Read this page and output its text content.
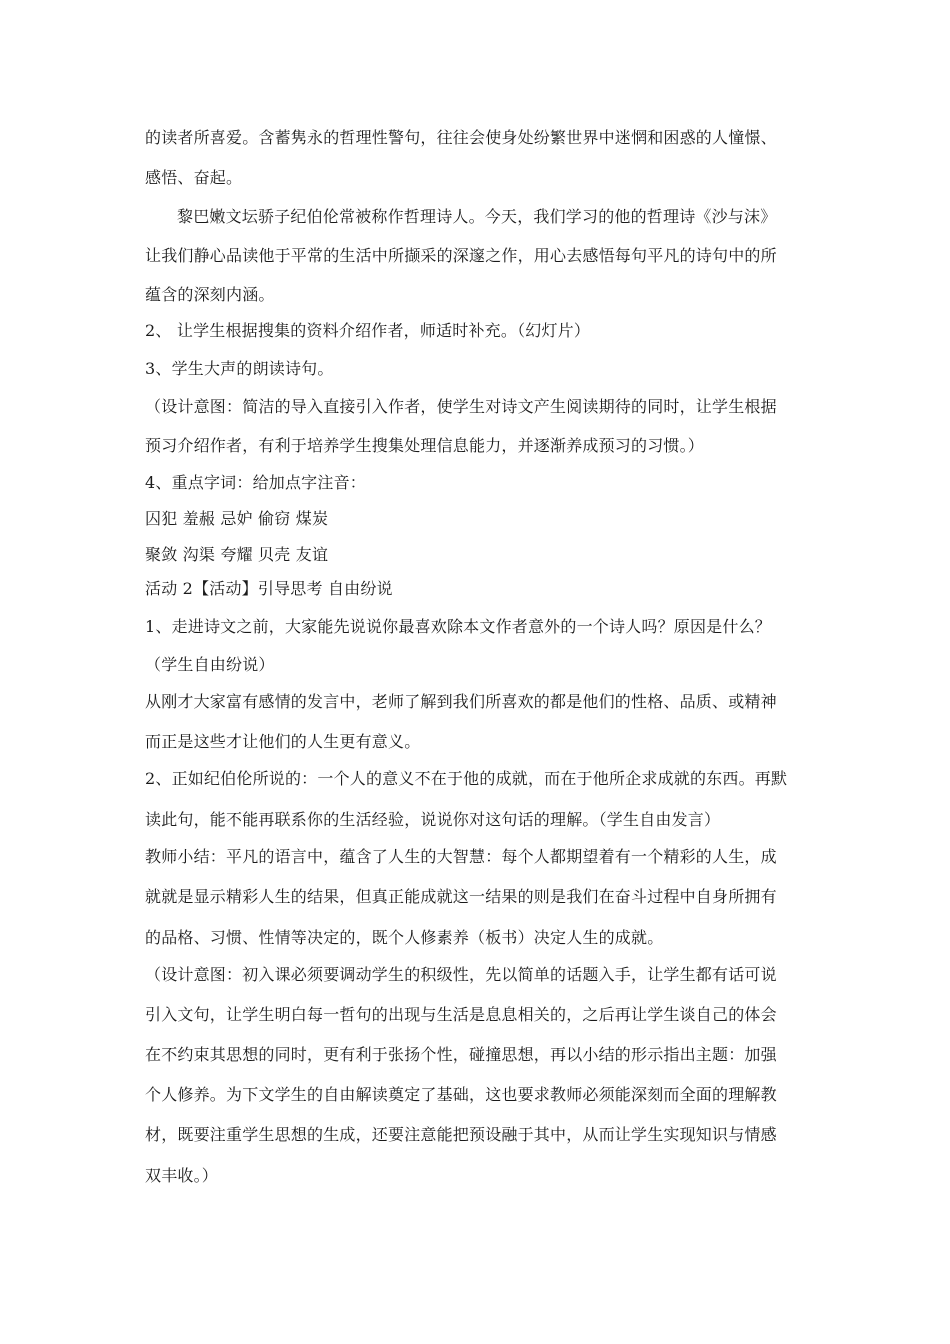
的读者所喜爱。含蓄隽永的哲理性警句，往往会使身处纷繁世界中迷惘和困惑的人憧憬、
感悟、奋起。
黎巴嫩文坛骄子纪伯伦常被称作哲理诗人。今天，我们学习的他的哲理诗《沙与沫》
让我们静心品读他于平常的生活中所撷采的深邃之作，用心去感悟每句平凡的诗句中的所
蕴含的深刻内涵。
2、 让学生根据搜集的资料介绍作者，师适时补充。（幻灯片）
3、学生大声的朗读诗句。
（设计意图：简洁的导入直接引入作者，使学生对诗文产生阅读期待的同时，让学生根据
预习介绍作者，有利于培养学生搜集处理信息能力，并逐渐养成预习的习惯。）
4、重点字词：给加点字注音：
囚犯 羞赧 忌妒 偷窃 煤炭
聚敛 沟渠 夸耀 贝壳 友谊
活动 2【活动】引导思考 自由纷说
1、走进诗文之前，大家能先说说你最喜欢除本文作者意外的一个诗人吗？原因是什么？
（学生自由纷说）
从刚才大家富有感情的发言中，老师了解到我们所喜欢的都是他们的性格、品质、或精神
而正是这些才让他们的人生更有意义。
2、正如纪伯伦所说的：一个人的意义不在于他的成就，而在于他所企求成就的东西。再默
读此句，能不能再联系你的生活经验，说说你对这句话的理解。（学生自由发言）
教师小结：平凡的语言中，蕴含了人生的大智慧：每个人都期望着有一个精彩的人生，成
就就是显示精彩人生的结果，但真正能成就这一结果的则是我们在奋斗过程中自身所拥有
的品格、习惯、性情等决定的，既个人修素养（板书）决定人生的成就。
（设计意图：初入课必须要调动学生的积级性，先以简单的话题入手，让学生都有话可说
引入文句，让学生明白每一哲句的出现与生活是息息相关的，之后再让学生谈自己的体会
在不约束其思想的同时，更有利于张扬个性，碰撞思想，再以小结的形示指出主题：加强
个人修养。为下文学生的自由解读奠定了基础，这也要求教师必须能深刻而全面的理解教
材，既要注重学生思想的生成，还要注意能把预设融于其中，从而让学生实现知识与情感
双丰收。）
